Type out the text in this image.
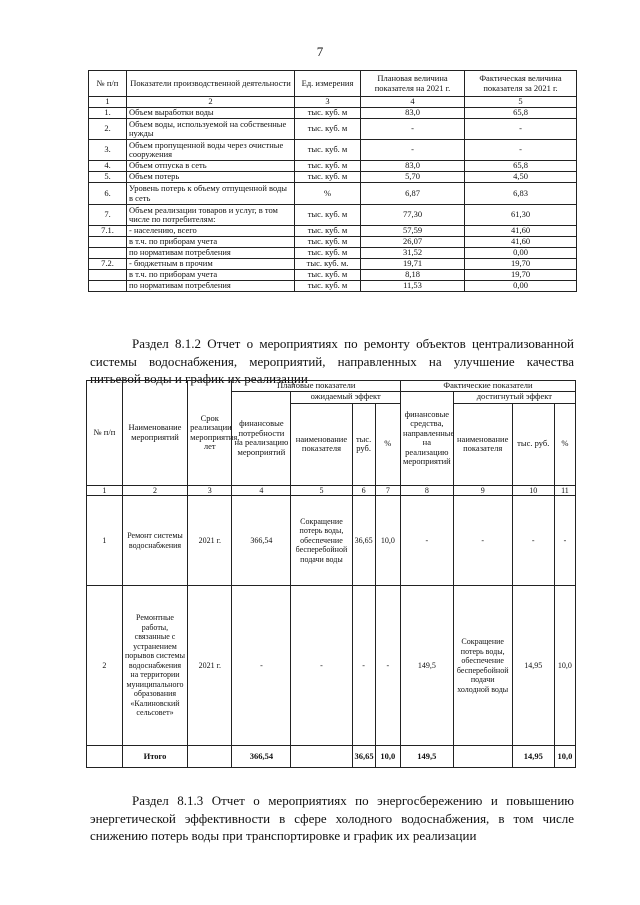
7
№ п/п	Показатели производственной деятельности	Ед. измерения	Плановая величина показателя на 2021 г.	Фактическая величина показателя за 2021 г.
1	2	3	4	5
1.	Объем выработки воды	тыс. куб. м	83,0	65,8
2.	Объем воды, используемой на собственные нужды	тыс. куб. м	-	-
3.	Объем пропущенной воды через очистные сооружения	тыс. куб. м	-	-
4.	Объем отпуска в сеть	тыс. куб. м	83,0	65,8
5.	Объем потерь	тыс. куб. м	5,70	4,50
6.	Уровень потерь к объему отпущенной воды в сеть	%	6,87	6,83
7.	Объем реализации товаров и услуг, в том числе по потребителям:	тыс. куб. м	77,30	61,30
7.1.	- населению, всего	тыс. куб. м	57,59	41,60
	в т.ч. по приборам учета	тыс. куб. м	26,07	41,60
	по нормативам потребления	тыс. куб. м	31,52	0,00
7.2.	- бюджетным в прочим	тыс. куб. м.	19,71	19,70
	в т.ч. по приборам учета	тыс. куб. м	8,18	19,70
	по нормативам потребления	тыс. куб. м	11,53	0,00
Раздел 8.1.2 Отчет о мероприятиях по ремонту объектов централизованной системы водоснабжения, мероприятий, направленных на улучшение качества питьевой воды и график их реализации
№ п/п	Наименование мероприятий	Срок реализации мероприятия, лет	Плановые показатели				Фактические показатели			
			финансовые потребности на реализацию мероприятий	ожидаемый эффект			финансовые средства, направленные на реализацию мероприятий	достигнутый эффект		
				наименование показателя	тыс. руб.	%		наименование показателя	тыс. руб.	%
1	2	3	4	5	6	7	8	9	10	11
1	Ремонт системы водоснабжения	2021 г.	366,54	Сокращение потерь воды, обеспечение бесперебойной подачи воды	36,65	10,0	-	-	-	-
2	Ремонтные работы, связанные с устранением порывов системы водоснабжения на территории муниципального образования «Калиновский сельсовет»	2021 г.	-	-	-	-	149,5	Сокращение потерь воды, обеспечение бесперебойной подачи холодной воды	14,95	10,0
	Итого		366,54		36,65	10,0	149,5		14,95	10,0
Раздел 8.1.3 Отчет о мероприятиях по энергосбережению и повышению энергетической эффективности в сфере холодного водоснабжения, в том числе снижению потерь воды при транспортировке и график их реализации
